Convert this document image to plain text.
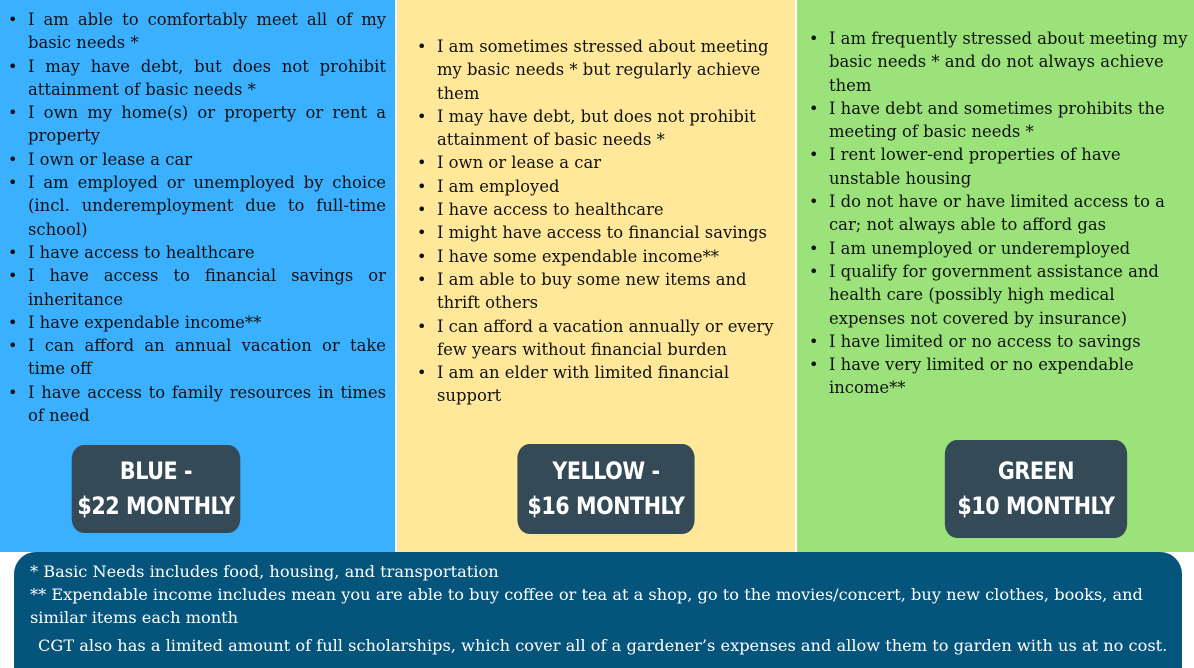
• I am able to comfortably meet all of my basic needs *
• I may have debt, but does not prohibit attainment of basic needs *
• I own my home(s) or property or rent a property
• I own or lease a car
• I am employed or unemployed by choice (incl. underemployment due to full-time school)
• I have access to healthcare
• I have access to financial savings or inheritance
• I have expendable income**
• I can afford an annual vacation or take time off
• I have access to family resources in times of need
• I am sometimes stressed about meeting my basic needs * but regularly achieve them
• I may have debt, but does not prohibit attainment of basic needs *
• I own or lease a car
• I am employed
• I have access to healthcare
• I might have access to financial savings
• I have some expendable income**
• I am able to buy some new items and thrift others
• I can afford a vacation annually or every few years without financial burden
• I am an elder with limited financial support
• I am frequently stressed about meeting my basic needs * and do not always achieve them
• I have debt and sometimes prohibits the meeting of basic needs *
• I rent lower-end properties of have unstable housing
• I do not have or have limited access to a car; not always able to afford gas
• I am unemployed or underemployed
• I qualify for government assistance and health care (possibly high medical expenses not covered by insurance)
• I have limited or no access to savings
• I have very limited or no expendable income**
BLUE -
$22 MONTHLY
YELLOW -
$16 MONTHLY
GREEN
$10 MONTHLY

* Basic Needs includes food, housing, and transportation

** Expendable income includes mean you are able to buy coffee or tea at a shop, go to the movies/concert, buy new clothes, books, and similar items each month

CGT also has a limited amount of full scholarships, which cover all of a gardener’s expenses and allow them to garden with us at no cost.
